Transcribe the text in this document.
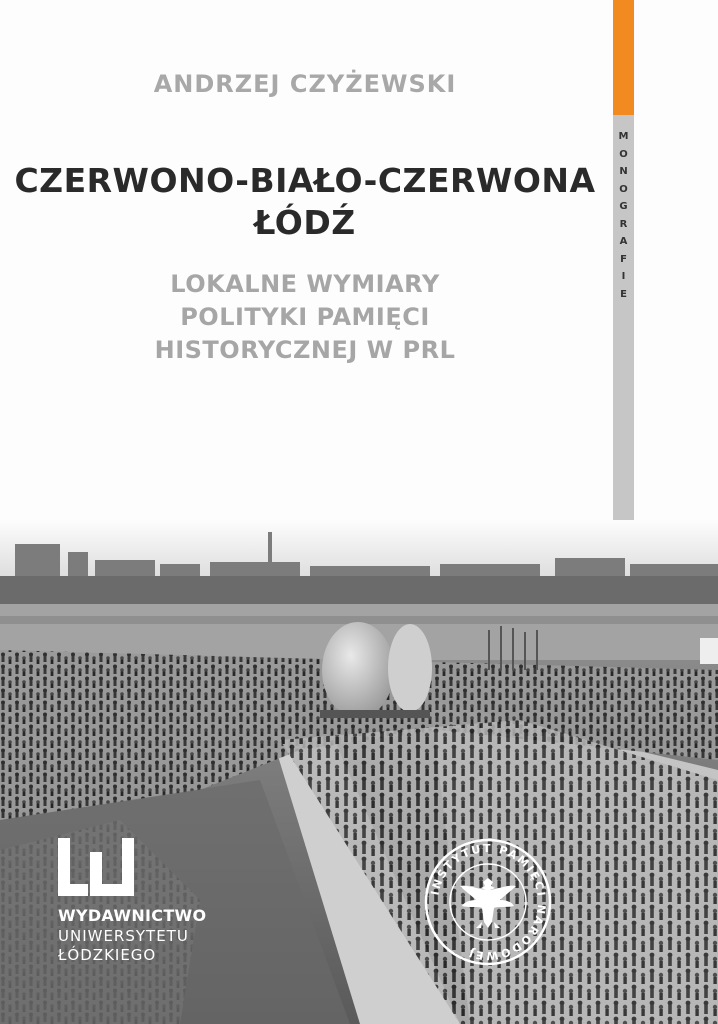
ANDRZEJ CZYŻEWSKI
CZERWONO-BIAŁO-CZERWONA
ŁÓDŹ
LOKALNE WYMIARY
POLITYKI PAMIĘCI
HISTORYCZNEJ W PRL
M
O
N
O
G
R
A
F
I
E
WYDAWNICTWO
UNIWERSYTETU
ŁÓDZKIEGO
INSTYTUT PAMIĘCI NARODOWEJ
